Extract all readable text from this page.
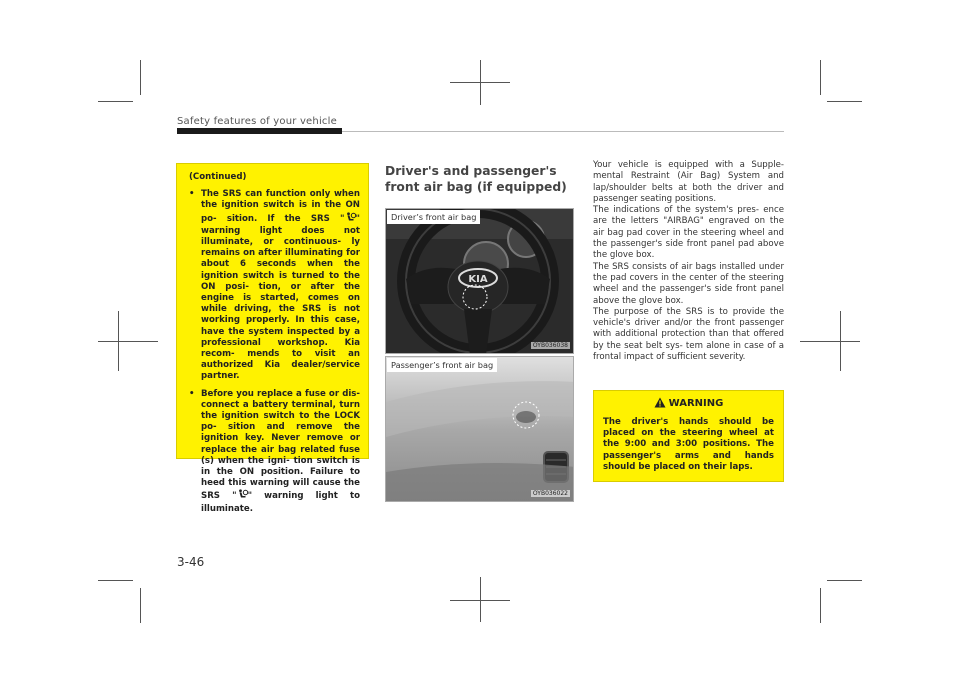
Safety features of your vehicle
(Continued)
• The SRS can function only when the ignition switch is in the ON po- sition. If the SRS " " warning light does not illuminate, or continuous- ly remains on after illuminating for about 6 seconds when the ignition switch is turned to the ON posi- tion, or after the engine is started, comes on while driving, the SRS is not working properly. In this case, have the system inspected by a professional workshop. Kia recom- mends to visit an authorized Kia dealer/service partner.
• Before you replace a fuse or dis- connect a battery terminal, turn the ignition switch to the LOCK po- sition and remove the ignition key. Never remove or replace the air bag related fuse (s) when the igni- tion switch is in the ON position. Failure to heed this warning will cause the SRS " " warning light to illuminate.
Driver's and passenger's front air bag (if equipped)
KIA
Driver’s front air bag
OYB036038
Passenger’s front air bag
OYB036022

Your vehicle is equipped with a Supple- mental Restraint (Air Bag) System and lap/shoulder belts at both the driver and passenger seating positions.

The indications of the system's pres- ence are the letters "AIRBAG" engraved on the air bag pad cover in the steering wheel and the passenger's side front panel pad above the glove box.

The SRS consists of air bags installed under the pad covers in the center of the steering wheel and the passenger's side front panel above the glove box.

The purpose of the SRS is to provide the vehicle's driver and/or the front passenger with additional protection than that offered by the seat belt sys- tem alone in case of a frontal impact of sufficient severity.

WARNING
The driver's hands should be placed on the steering wheel at the 9:00 and 3:00 positions. The passenger's arms and hands should be placed on their laps.
3-46
